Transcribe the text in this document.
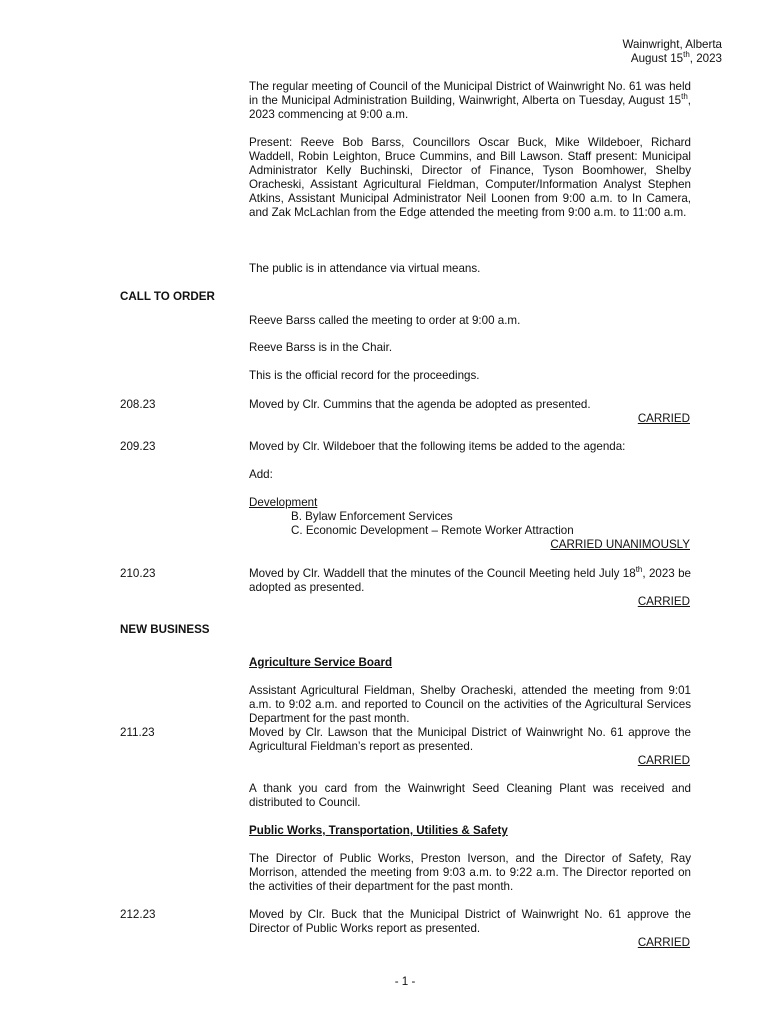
Wainwright, Alberta
August 15th, 2023

The regular meeting of Council of the Municipal District of Wainwright No. 61 was held in the Municipal Administration Building, Wainwright, Alberta on Tuesday, August 15th, 2023 commencing at 9:00 a.m.

Present: Reeve Bob Barss, Councillors Oscar Buck, Mike Wildeboer, Richard Waddell, Robin Leighton, Bruce Cummins, and Bill Lawson. Staff present: Municipal Administrator Kelly Buchinski, Director of Finance, Tyson Boomhower, Shelby Oracheski, Assistant Agricultural Fieldman, Computer/Information Analyst Stephen Atkins, Assistant Municipal Administrator Neil Loonen from 9:00 a.m. to In Camera, and Zak McLachlan from the Edge attended the meeting from 9:00 a.m. to 11:00 a.m.

The public is in attendance via virtual means.

CALL TO ORDER
Reeve Barss called the meeting to order at 9:00 a.m.
Reeve Barss is in the Chair.
This is the official record for the proceedings.
208.23	Moved by Clr. Cummins that the agenda be adopted as presented.
CARRIED
209.23	Moved by Clr. Wildeboer that the following items be added to the agenda:
Add:
Development
B. Bylaw Enforcement Services
C. Economic Development – Remote Worker Attraction
CARRIED UNANIMOUSLY
210.23	Moved by Clr. Waddell that the minutes of the Council Meeting held July 18th, 2023 be adopted as presented.
CARRIED
NEW BUSINESS
Agriculture Service Board
Assistant Agricultural Fieldman, Shelby Oracheski, attended the meeting from 9:01 a.m. to 9:02 a.m. and reported to Council on the activities of the Agricultural Services Department for the past month.
211.23	Moved by Clr. Lawson that the Municipal District of Wainwright No. 61 approve the Agricultural Fieldman’s report as presented.
CARRIED
A thank you card from the Wainwright Seed Cleaning Plant was received and distributed to Council.
Public Works, Transportation, Utilities & Safety
The Director of Public Works, Preston Iverson, and the Director of Safety, Ray Morrison, attended the meeting from 9:03 a.m. to 9:22 a.m. The Director reported on the activities of their department for the past month.
212.23	Moved by Clr. Buck that the Municipal District of Wainwright No. 61 approve the Director of Public Works report as presented.
CARRIED
- 1 -
